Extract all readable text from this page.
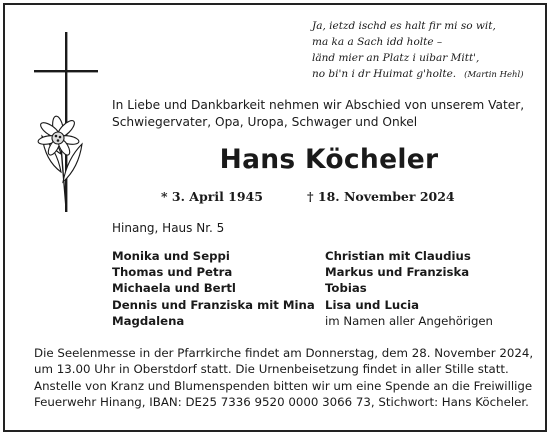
Ja, ietzd ischd es halt fir mi so wit,
ma ka a Sach idd holte –
länd mier an Platz i uibar Mitt',
no bi'n i dr Huimat g'holte. (Martin Hehl)
In Liebe und Dankbarkeit nehmen wir Abschied von unserem Vater, Schwiegervater, Opa, Uropa, Schwager und Onkel
Hans Köcheler
* 3. April 1945	† 18. November 2024
Hinang, Haus Nr. 5
Monika und Seppi
Thomas und Petra
Michaela und Bertl
Dennis und Franziska mit Mina
Magdalena
Christian mit Claudius
Markus und Franziska
Tobias
Lisa und Lucia
im Namen aller Angehörigen
Die Seelenmesse in der Pfarrkirche findet am Donnerstag, dem 28. November 2024,
um 13.00 Uhr in Oberstdorf statt. Die Urnenbeisetzung findet in aller Stille statt.
Anstelle von Kranz und Blumenspenden bitten wir um eine Spende an die Freiwillige
Feuerwehr Hinang, IBAN: DE25 7336 9520 0000 3066 73, Stichwort: Hans Köcheler.
